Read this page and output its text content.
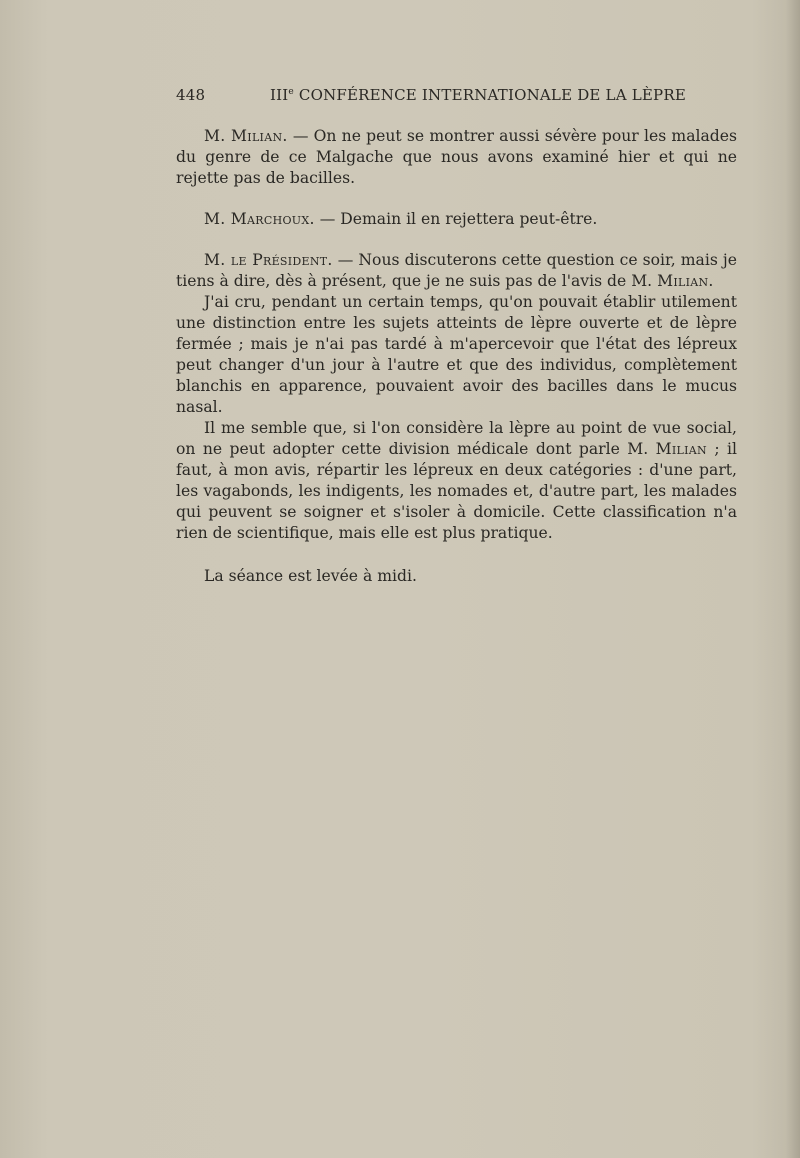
448	IIIe CONFÉRENCE INTERNATIONALE DE LA LÈPRE

M. Milian. — On ne peut se montrer aussi sévère pour les malades du genre de ce Malgache que nous avons examiné hier et qui ne rejette pas de bacilles.

M. Marchoux. — Demain il en rejettera peut-être.

M. le Président. — Nous discuterons cette question ce soir, mais je tiens à dire, dès à présent, que je ne suis pas de l'avis de M. Milian.

J'ai cru, pendant un certain temps, qu'on pouvait établir utilement une distinction entre les sujets atteints de lèpre ouverte et de lèpre fermée ; mais je n'ai pas tardé à m'apercevoir que l'état des lépreux peut changer d'un jour à l'autre et que des individus, complètement blanchis en apparence, pouvaient avoir des bacilles dans le mucus nasal.

Il me semble que, si l'on considère la lèpre au point de vue social, on ne peut adopter cette division médicale dont parle M. Milian ; il faut, à mon avis, répartir les lépreux en deux catégories : d'une part, les vagabonds, les indigents, les nomades et, d'autre part, les malades qui peuvent se soigner et s'isoler à domicile. Cette classification n'a rien de scientifique, mais elle est plus pratique.

La séance est levée à midi.
